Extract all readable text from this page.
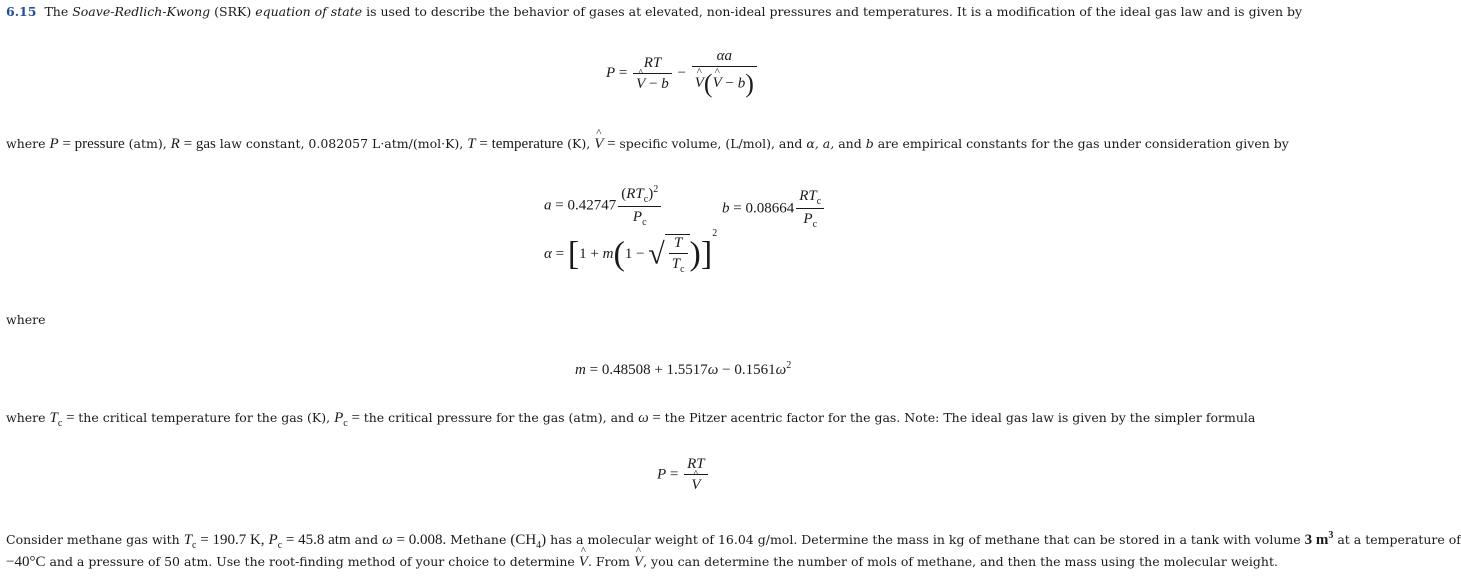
6.15 The Soave-Redlich-Kwong (SRK) equation of state is used to describe the behavior of gases at elevated, non-ideal pressures and temperatures. It is a modification of the ideal gas law and is given by
P = RT
^ V − b − αa
^ V(^ V − b)
where P = pressure (atm), R = gas law constant, 0.082057 L·atm/(mol·K), T = temperature (K), ^ V = specific volume, (L/mol), and α, a, and b are empirical constants for the gas under consideration given by
$a = 0.42747 \frac{(RT_c)^2}{P_c}$	$b = 0.08664 \frac{RT_c}{P_c}$
α = [1 + m(1 − √ $\frac{T}{T_c} )]^2$
where
$m = 0.48508 + 1.5517\omega - 0.1561\omega^2$
where $T_c$ = the critical temperature for the gas (K), $P_c$ = the critical pressure for the gas (atm), and ω = the Pitzer acentric factor for the gas. Note: The ideal gas law is given by the simpler formula
P = RT
^ V
Consider methane gas with $T_c = 190.7$ K, $P_c = 45.8$ atm and ω = 0.008. Methane $(CH_4)$ has a molecular weight of 16.04 g/mol. Determine the mass in kg of methane that can be stored in a tank with volume 3 $m^3$ at a temperature of
−40°C and a pressure of 50 atm. Use the root-finding method of your choice to determine ^ V. From ^ V, you can determine the number of mols of methane, and then the mass using the molecular weight.
